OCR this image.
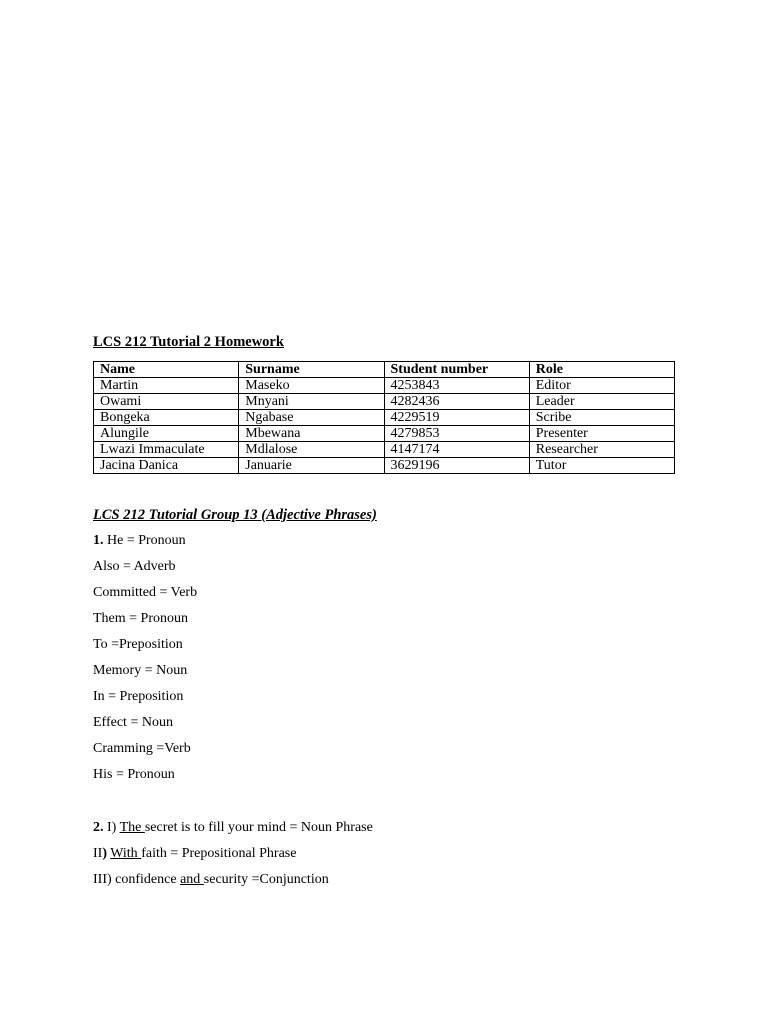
LCS 212 Tutorial 2 Homework
Name	Surname	Student number	Role
Martin	Maseko	4253843	Editor
Owami	Mnyani	4282436	Leader
Bongeka	Ngabase	4229519	Scribe
Alungile	Mbewana	4279853	Presenter
Lwazi Immaculate	Mdlalose	4147174	Researcher
Jacina Danica	Januarie	3629196	Tutor
LCS 212 Tutorial Group 13 (Adjective Phrases)

1. He = Pronoun

Also = Adverb

Committed = Verb

Them = Pronoun

To =Preposition

Memory = Noun

In = Preposition

Effect = Noun

Cramming =Verb

His = Pronoun

2. I) The secret is to fill your mind = Noun Phrase

II) With faith = Prepositional Phrase

III) confidence and security =Conjunction
